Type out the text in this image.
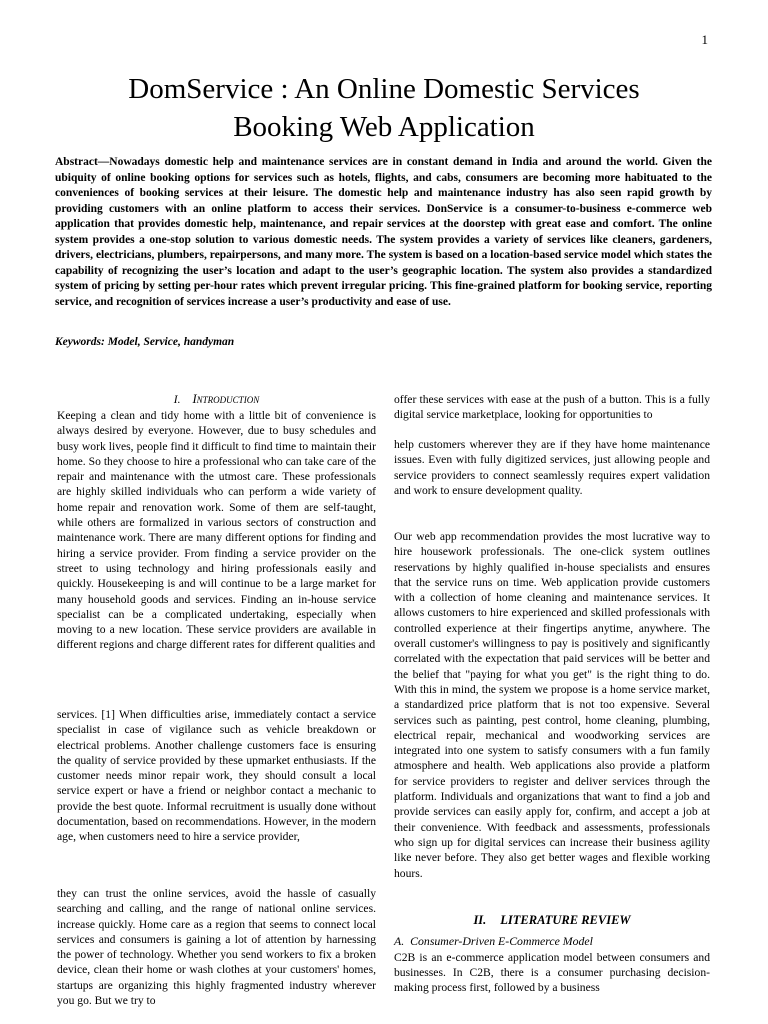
1
DomService : An Online Domestic Services
Booking Web Application

Abstract—Nowadays domestic help and maintenance services are in constant demand in India and around the world. Given the ubiquity of online booking options for services such as hotels, flights, and cabs, consumers are becoming more habituated to the conveniences of booking services at their leisure. The domestic help and maintenance industry has also seen rapid growth by providing customers with an online platform to access their services. DonService is a consumer-to-business e-commerce web application that provides domestic help, maintenance, and repair services at the doorstep with great ease and comfort. The online system provides a one-stop solution to various domestic needs. The system provides a variety of services like cleaners, gardeners, drivers, electricians, plumbers, repairpersons, and many more. The system is based on a location-based service model which states the capability of recognizing the user’s location and adapt to the user’s geographic location. The system also provides a standardized system of pricing by setting per-hour rates which prevent irregular pricing. This fine-grained platform for booking service, reporting service, and recognition of services increase a user’s productivity and ease of use.

Keywords: Model, Service, handyman

I. Introduction

Keeping a clean and tidy home with a little bit of convenience is always desired by everyone. However, due to busy schedules and busy work lives, people find it difficult to find time to maintain their home. So they choose to hire a professional who can take care of the repair and maintenance with the utmost care. These professionals are highly skilled individuals who can perform a wide variety of home repair and renovation work. Some of them are self-taught, while others are formalized in various sectors of construction and maintenance work. There are many different options for finding and hiring a service provider. From finding a service provider on the street to using technology and hiring professionals easily and quickly. Housekeeping is and will continue to be a large market for many household goods and services. Finding an in-house service specialist can be a complicated undertaking, especially when moving to a new location. These service providers are available in different regions and charge different rates for different qualities and

services. [1] When difficulties arise, immediately contact a service specialist in case of vigilance such as vehicle breakdown or electrical problems. Another challenge customers face is ensuring the quality of service provided by these upmarket enthusiasts. If the customer needs minor repair work, they should consult a local service expert or have a friend or neighbor contact a mechanic to provide the best quote. Informal recruitment is usually done without documentation, based on recommendations. However, in the modern age, when customers need to hire a service provider,

they can trust the online services, avoid the hassle of casually searching and calling, and the range of national online services. increase quickly. Home care as a region that seems to connect local services and consumers is gaining a lot of attention by harnessing the power of technology. Whether you send workers to fix a broken device, clean their home or wash clothes at your customers' homes, startups are organizing this highly fragmented industry wherever you go. But we try to

offer these services with ease at the push of a button. This is a fully digital service marketplace, looking for opportunities to

help customers wherever they are if they have home maintenance issues. Even with fully digitized services, just allowing people and service providers to connect seamlessly requires expert validation and work to ensure development quality.

Our web app recommendation provides the most lucrative way to hire housework professionals. The one-click system outlines reservations by highly qualified in-house specialists and ensures that the service runs on time. Web application provide customers with a collection of home cleaning and maintenance services. It allows customers to hire experienced and skilled professionals with controlled experience at their fingertips anytime, anywhere. The overall customer's willingness to pay is positively and significantly correlated with the expectation that paid services will be better and the belief that "paying for what you get" is the right thing to do. With this in mind, the system we propose is a home service market, a standardized price platform that is not too expensive. Several services such as painting, pest control, home cleaning, plumbing, electrical repair, mechanical and woodworking services are integrated into one system to satisfy consumers with a fun family atmosphere and health. Web applications also provide a platform for service providers to register and deliver services through the platform. Individuals and organizations that want to find a job and provide services can easily apply for, confirm, and accept a job at their convenience. With feedback and assessments, professionals who sign up for digital services can increase their business agility like never before. They also get better wages and flexible working hours.

II. LITERATURE REVIEW

A. Consumer-Driven E-Commerce Model

C2B is an e-commerce application model between consumers and businesses. In C2B, there is a consumer purchasing decision-making process first, followed by a business
